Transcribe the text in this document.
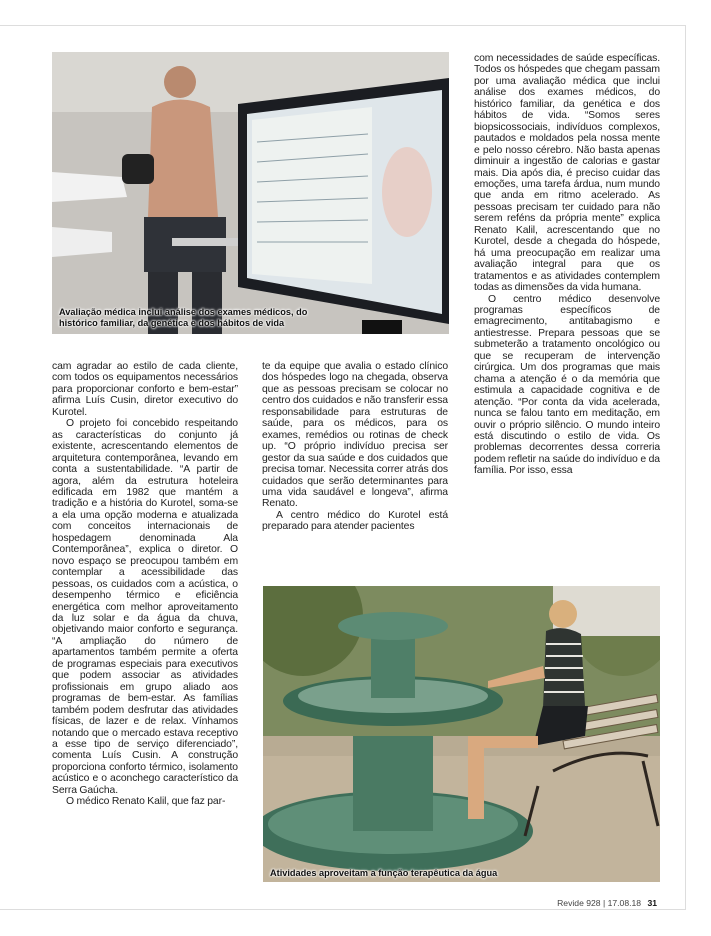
Avaliação médica inclui análise dos exames médicos, do histórico familiar, da genética e dos hábitos de vida

cam agradar ao estilo de cada cliente, com todos os equipamentos necessários para proporcionar conforto e bem-estar” afirma Luís Cusin, diretor executivo do Kurotel.

O projeto foi concebido respeitando as características do conjunto já existente, acrescentando elementos de arquitetura contemporânea, levando em conta a sustentabilidade. “A partir de agora, além da estrutura hoteleira edificada em 1982 que mantém a tradição e a história do Kurotel, soma-se a ela uma opção moderna e atualizada com conceitos internacionais de hospedagem denominada Ala Contemporânea”, explica o diretor. O novo espaço se preocupou também em contemplar a acessibilidade das pessoas, os cuidados com a acústica, o desempenho térmico e eficiência energética com melhor aproveitamento da luz solar e da água da chuva, objetivando maior conforto e segurança. “A ampliação do número de apartamentos também permite a oferta de programas especiais para executivos que podem associar as atividades profissionais em grupo aliado aos programas de bem-estar. As famílias também podem desfrutar das atividades físicas, de lazer e de relax. Vínhamos notando que o mercado estava receptivo a esse tipo de serviço diferenciado”, comenta Luís Cusin. A construção proporciona conforto térmico, isolamento acústico e o aconchego característico da Serra Gaúcha.

O médico Renato Kalil, que faz par-

te da equipe que avalia o estado clínico dos hóspedes logo na chegada, observa que as pessoas precisam se colocar no centro dos cuidados e não transferir essa responsabilidade para estruturas de saúde, para os médicos, para os exames, remédios ou rotinas de check up. “O próprio indivíduo precisa ser gestor da sua saúde e dos cuidados que precisa tomar. Necessita correr atrás dos cuidados que serão determinantes para uma vida saudável e longeva”, afirma Renato.

A centro médico do Kurotel está preparado para atender pacientes

com necessidades de saúde específicas. Todos os hóspedes que chegam passam por uma avaliação médica que inclui análise dos exames médicos, do histórico familiar, da genética e dos hábitos de vida. “Somos seres biopsicossociais, indivíduos complexos, pautados e moldados pela nossa mente e pelo nosso cérebro. Não basta apenas diminuir a ingestão de calorias e gastar mais. Dia após dia, é preciso cuidar das emoções, uma tarefa árdua, num mundo que anda em ritmo acelerado. As pessoas precisam ter cuidado para não serem reféns da própria mente” explica Renato Kalil, acrescentando que no Kurotel, desde a chegada do hóspede, há uma preocupação em realizar uma avaliação integral para que os tratamentos e as atividades contemplem todas as dimensões da vida humana.

O centro médico desenvolve programas específicos de emagrecimento, antitabagismo e antiestresse. Prepara pessoas que se submeterão a tratamento oncológico ou que se recuperam de intervenção cirúrgica. Um dos programas que mais chama a atenção é o da memória que estimula a capacidade cognitiva e de atenção. “Por conta da vida acelerada, nunca se falou tanto em meditação, em ouvir o próprio silêncio. O mundo inteiro está discutindo o estilo de vida. Os problemas decorrentes dessa correria podem refletir na saúde do indivíduo e da família. Por isso, essa

Atividades aproveitam a função terapêutica da água
Revide 928 | 17.08.18 31
